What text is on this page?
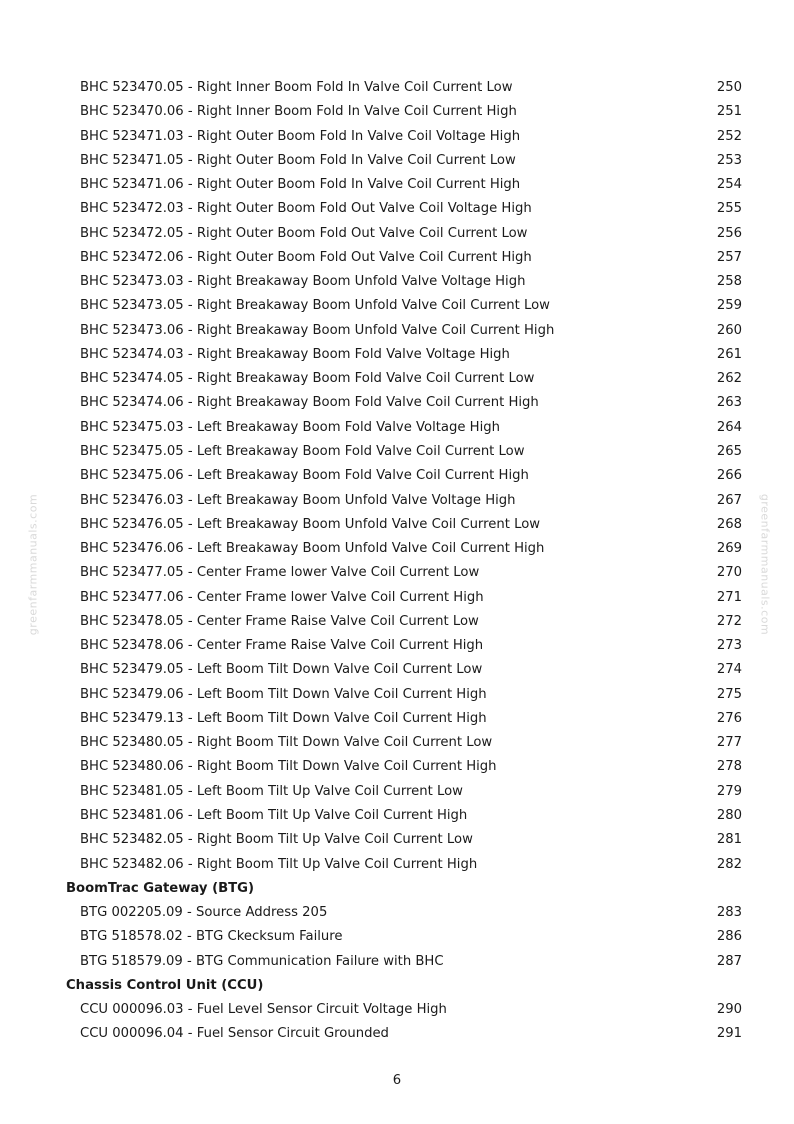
greenfarmmanuals.com	greenfarmmanuals.com
BHC 523470.05 - Right Inner Boom Fold In Valve Coil Current Low	250
BHC 523470.06 - Right Inner Boom Fold In Valve Coil Current High	251
BHC 523471.03 - Right Outer Boom Fold In Valve Coil Voltage High	252
BHC 523471.05 - Right Outer Boom Fold In Valve Coil Current Low	253
BHC 523471.06 - Right Outer Boom Fold In Valve Coil Current High	254
BHC 523472.03 - Right Outer Boom Fold Out Valve Coil Voltage High	255
BHC 523472.05 - Right Outer Boom Fold Out Valve Coil Current Low	256
BHC 523472.06 - Right Outer Boom Fold Out Valve Coil Current High	257
BHC 523473.03 - Right Breakaway Boom Unfold Valve Voltage High	258
BHC 523473.05 - Right Breakaway Boom Unfold Valve Coil Current Low	259
BHC 523473.06 - Right Breakaway Boom Unfold Valve Coil Current High	260
BHC 523474.03 - Right Breakaway Boom Fold Valve Voltage High	261
BHC 523474.05 - Right Breakaway Boom Fold Valve Coil Current Low	262
BHC 523474.06 - Right Breakaway Boom Fold Valve Coil Current High	263
BHC 523475.03 - Left Breakaway Boom Fold Valve Voltage High	264
BHC 523475.05 - Left Breakaway Boom Fold Valve Coil Current Low	265
BHC 523475.06 - Left Breakaway Boom Fold Valve Coil Current High	266
BHC 523476.03 - Left Breakaway Boom Unfold Valve Voltage High	267
BHC 523476.05 - Left Breakaway Boom Unfold Valve Coil Current Low	268
BHC 523476.06 - Left Breakaway Boom Unfold Valve Coil Current High	269
BHC 523477.05 - Center Frame lower Valve Coil Current Low	270
BHC 523477.06 - Center Frame lower Valve Coil Current High	271
BHC 523478.05 - Center Frame Raise Valve Coil Current Low	272
BHC 523478.06 - Center Frame Raise Valve Coil Current High	273
BHC 523479.05 - Left Boom Tilt Down Valve Coil Current Low	274
BHC 523479.06 - Left Boom Tilt Down Valve Coil Current High	275
BHC 523479.13 - Left Boom Tilt Down Valve Coil Current High	276
BHC 523480.05 - Right Boom Tilt Down Valve Coil Current Low	277
BHC 523480.06 - Right Boom Tilt Down Valve Coil Current High	278
BHC 523481.05 - Left Boom Tilt Up Valve Coil Current Low	279
BHC 523481.06 - Left Boom Tilt Up Valve Coil Current High	280
BHC 523482.05 - Right Boom Tilt Up Valve Coil Current Low	281
BHC 523482.06 - Right Boom Tilt Up Valve Coil Current High	282
BoomTrac Gateway (BTG)
BTG 002205.09 - Source Address 205	283
BTG 518578.02 - BTG Ckecksum Failure	286
BTG 518579.09 - BTG Communication Failure with BHC	287
Chassis Control Unit (CCU)
CCU 000096.03 - Fuel Level Sensor Circuit Voltage High	290
CCU 000096.04 - Fuel Sensor Circuit Grounded	291
6
